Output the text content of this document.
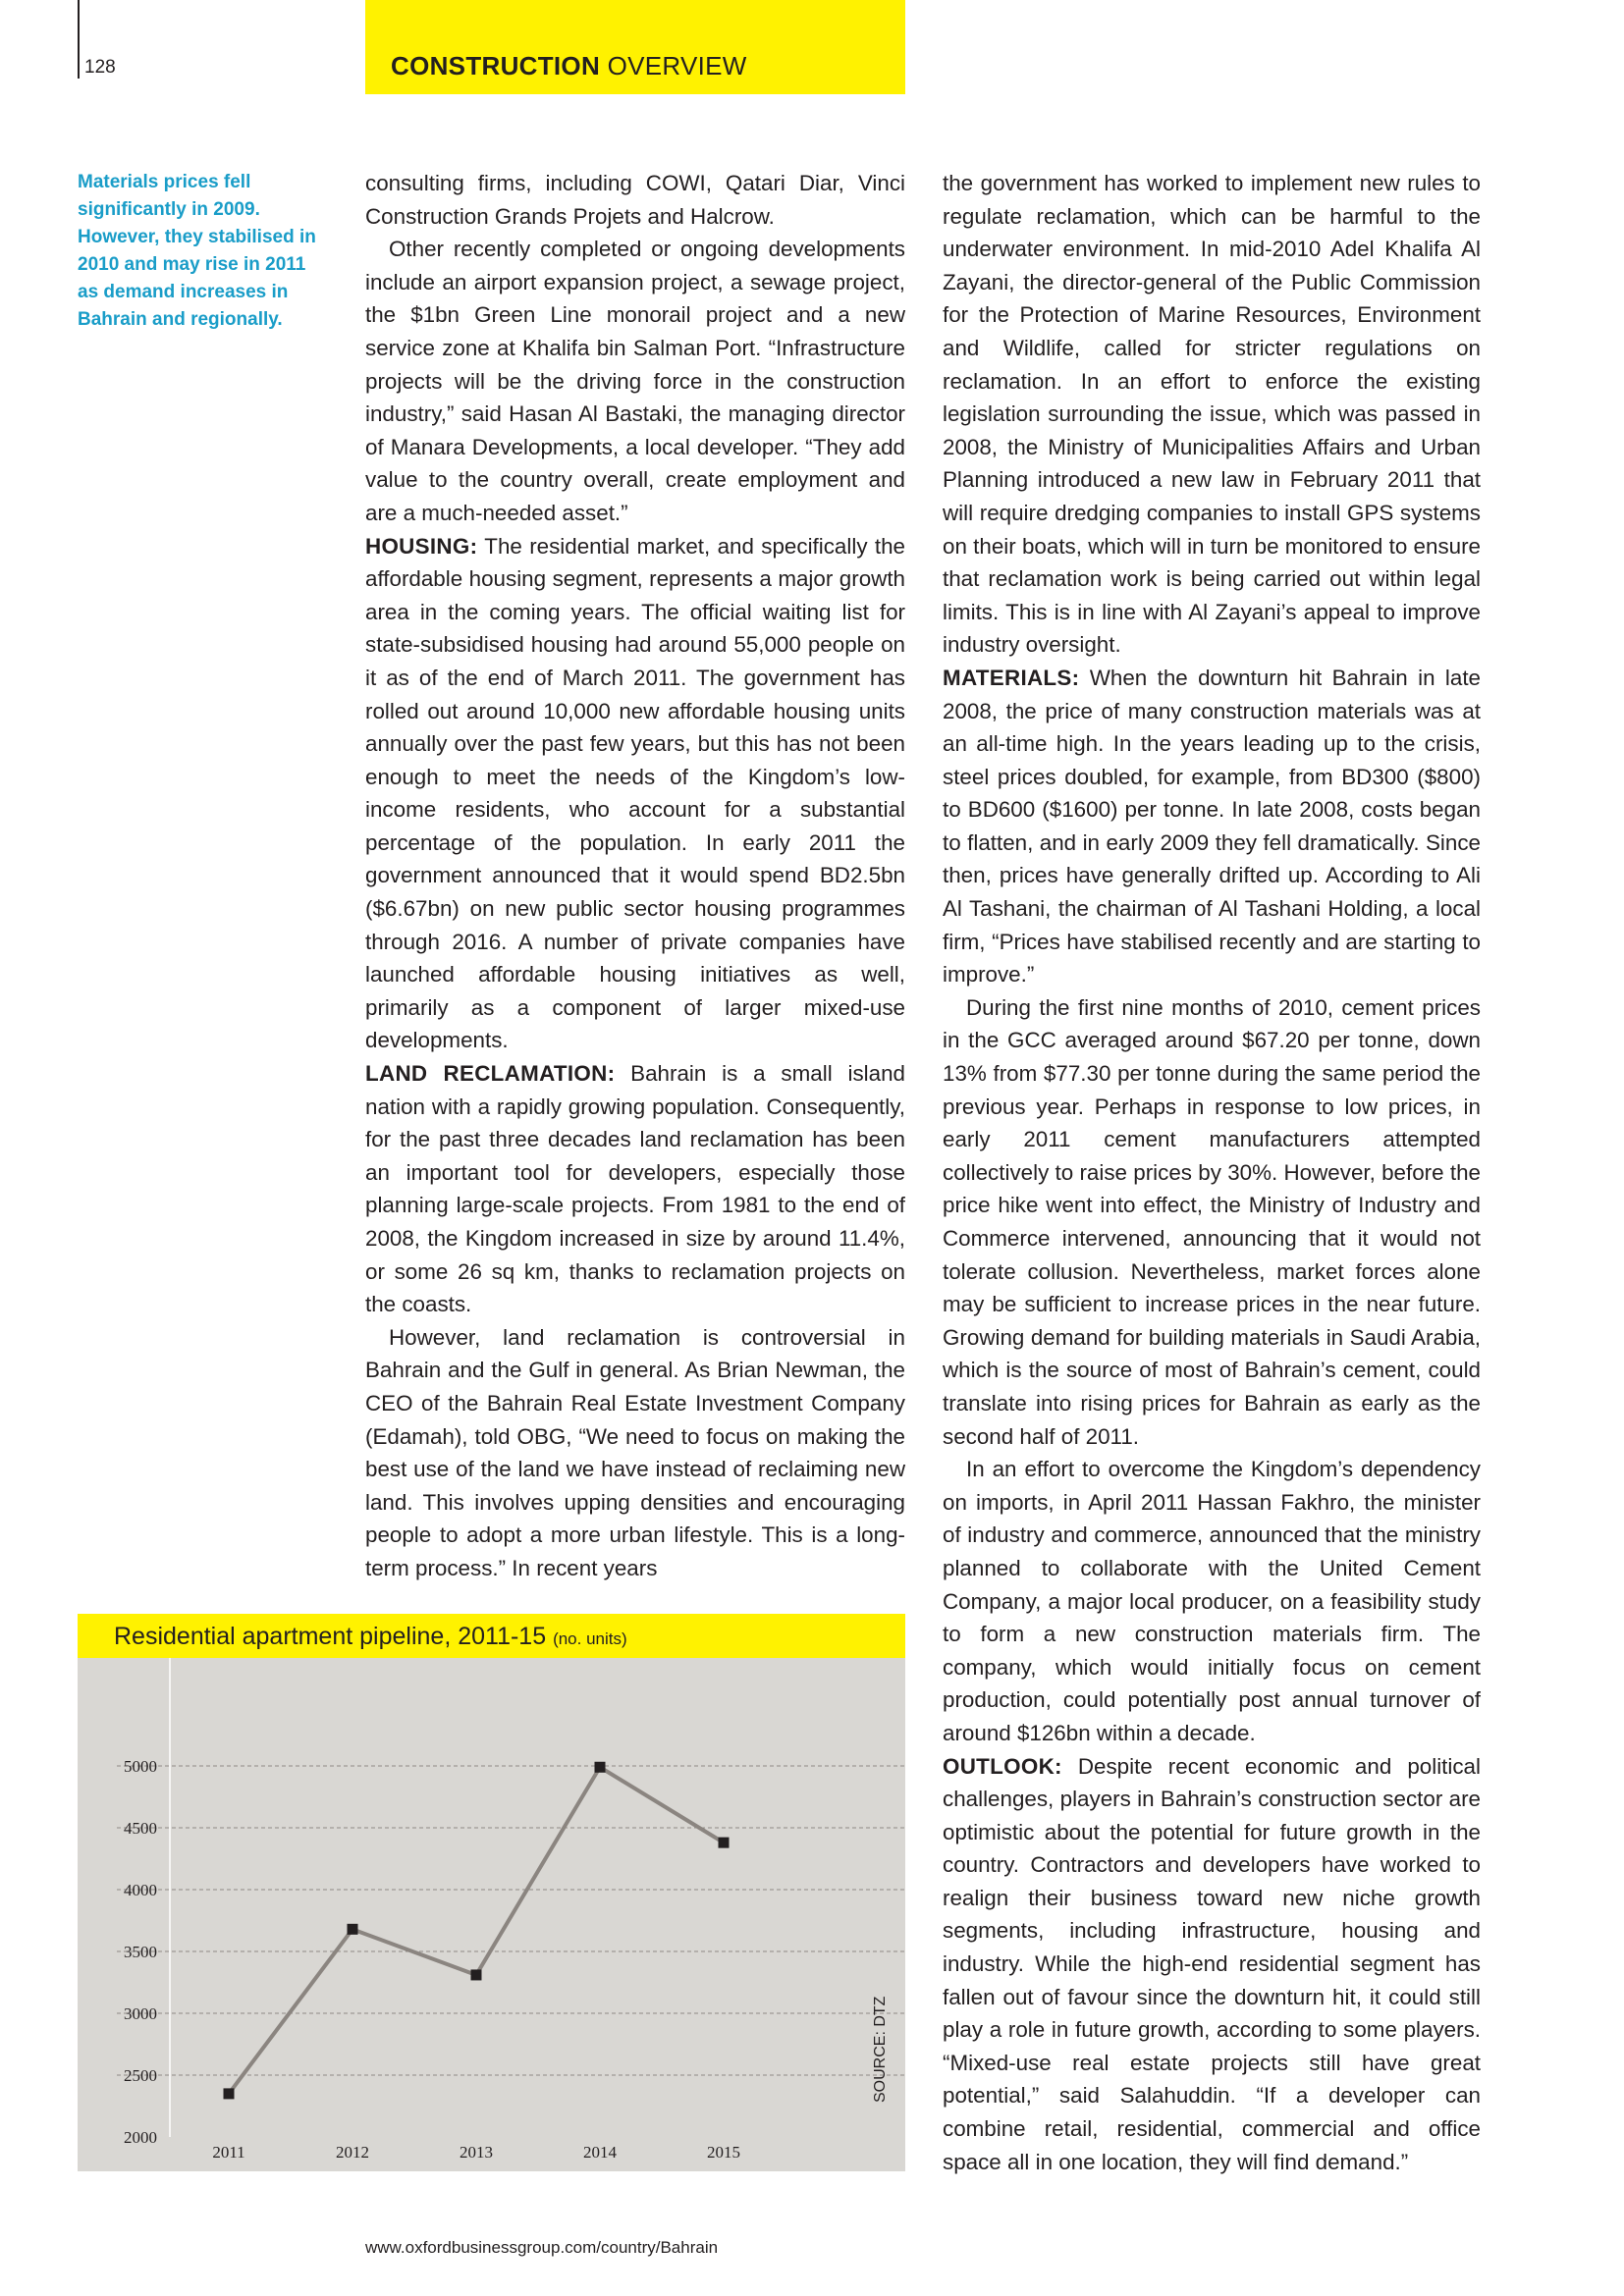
128	CONSTRUCTION OVERVIEW
Materials prices fell significantly in 2009. However, they stabilised in 2010 and may rise in 2011 as demand increases in Bahrain and regionally.

consulting firms, including COWI, Qatari Diar, Vinci Construction Grands Projets and Halcrow.

Other recently completed or ongoing developments include an airport expansion project, a sewage project, the $1bn Green Line monorail project and a new service zone at Khalifa bin Salman Port. “Infrastructure projects will be the driving force in the construction industry,” said Hasan Al Bastaki, the managing director of Manara Developments, a local developer. “They add value to the country overall, create employment and are a much-needed asset.”

HOUSING: The residential market, and specifically the affordable housing segment, represents a major growth area in the coming years. The official waiting list for state-subsidised housing had around 55,000 people on it as of the end of March 2011. The government has rolled out around 10,000 new affordable housing units annually over the past few years, but this has not been enough to meet the needs of the Kingdom’s low-income residents, who account for a substantial percentage of the population. In early 2011 the government announced that it would spend BD2.5bn ($6.67bn) on new public sector housing programmes through 2016. A number of private companies have launched affordable housing initiatives as well, primarily as a component of larger mixed-use developments.

LAND RECLAMATION: Bahrain is a small island nation with a rapidly growing population. Consequently, for the past three decades land reclamation has been an important tool for developers, especially those planning large-scale projects. From 1981 to the end of 2008, the Kingdom increased in size by around 11.4%, or some 26 sq km, thanks to reclamation projects on the coasts.

However, land reclamation is controversial in Bahrain and the Gulf in general. As Brian Newman, the CEO of the Bahrain Real Estate Investment Company (Edamah), told OBG, “We need to focus on making the best use of the land we have instead of reclaiming new land. This involves upping densities and encouraging people to adopt a more urban lifestyle. This is a long-term process.” In recent years

the government has worked to implement new rules to regulate reclamation, which can be harmful to the underwater environment. In mid-2010 Adel Khalifa Al Zayani, the director-general of the Public Commission for the Protection of Marine Resources, Environment and Wildlife, called for stricter regulations on reclamation. In an effort to enforce the existing legislation surrounding the issue, which was passed in 2008, the Ministry of Municipalities Affairs and Urban Planning introduced a new law in February 2011 that will require dredging companies to install GPS systems on their boats, which will in turn be monitored to ensure that reclamation work is being carried out within legal limits. This is in line with Al Zayani’s appeal to improve industry oversight.

MATERIALS: When the downturn hit Bahrain in late 2008, the price of many construction materials was at an all-time high. In the years leading up to the crisis, steel prices doubled, for example, from BD300 ($800) to BD600 ($1600) per tonne. In late 2008, costs began to flatten, and in early 2009 they fell dramatically. Since then, prices have generally drifted up. According to Ali Al Tashani, the chairman of Al Tashani Holding, a local firm, “Prices have stabilised recently and are starting to improve.”

During the first nine months of 2010, cement prices in the GCC averaged around $67.20 per tonne, down 13% from $77.30 per tonne during the same period the previous year. Perhaps in response to low prices, in early 2011 cement manufacturers attempted collectively to raise prices by 30%. However, before the price hike went into effect, the Ministry of Industry and Commerce intervened, announcing that it would not tolerate collusion. Nevertheless, market forces alone may be sufficient to increase prices in the near future. Growing demand for building materials in Saudi Arabia, which is the source of most of Bahrain’s cement, could translate into rising prices for Bahrain as early as the second half of 2011.

In an effort to overcome the Kingdom’s dependency on imports, in April 2011 Hassan Fakhro, the minister of industry and commerce, announced that the ministry planned to collaborate with the United Cement Company, a major local producer, on a feasibility study to form a new construction materials firm. The company, which would initially focus on cement production, could potentially post annual turnover of around $126bn within a decade.

OUTLOOK: Despite recent economic and political challenges, players in Bahrain’s construction sector are optimistic about the potential for future growth in the country. Contractors and developers have worked to realign their business toward new niche growth segments, including infrastructure, housing and industry. While the high-end residential segment has fallen out of favour since the downturn hit, it could still play a role in future growth, according to some players. “Mixed-use real estate projects still have great potential,” said Salahuddin. “If a developer can combine retail, residential, commercial and office space all in one location, they will find demand.”

Residential apartment pipeline, 2011-15 (no. units)
2000
2500
3000
3500
4000
4500
5000
2011	2012	2013	2014	2015
SOURCE: DTZ
www.oxfordbusinessgroup.com/country/Bahrain
